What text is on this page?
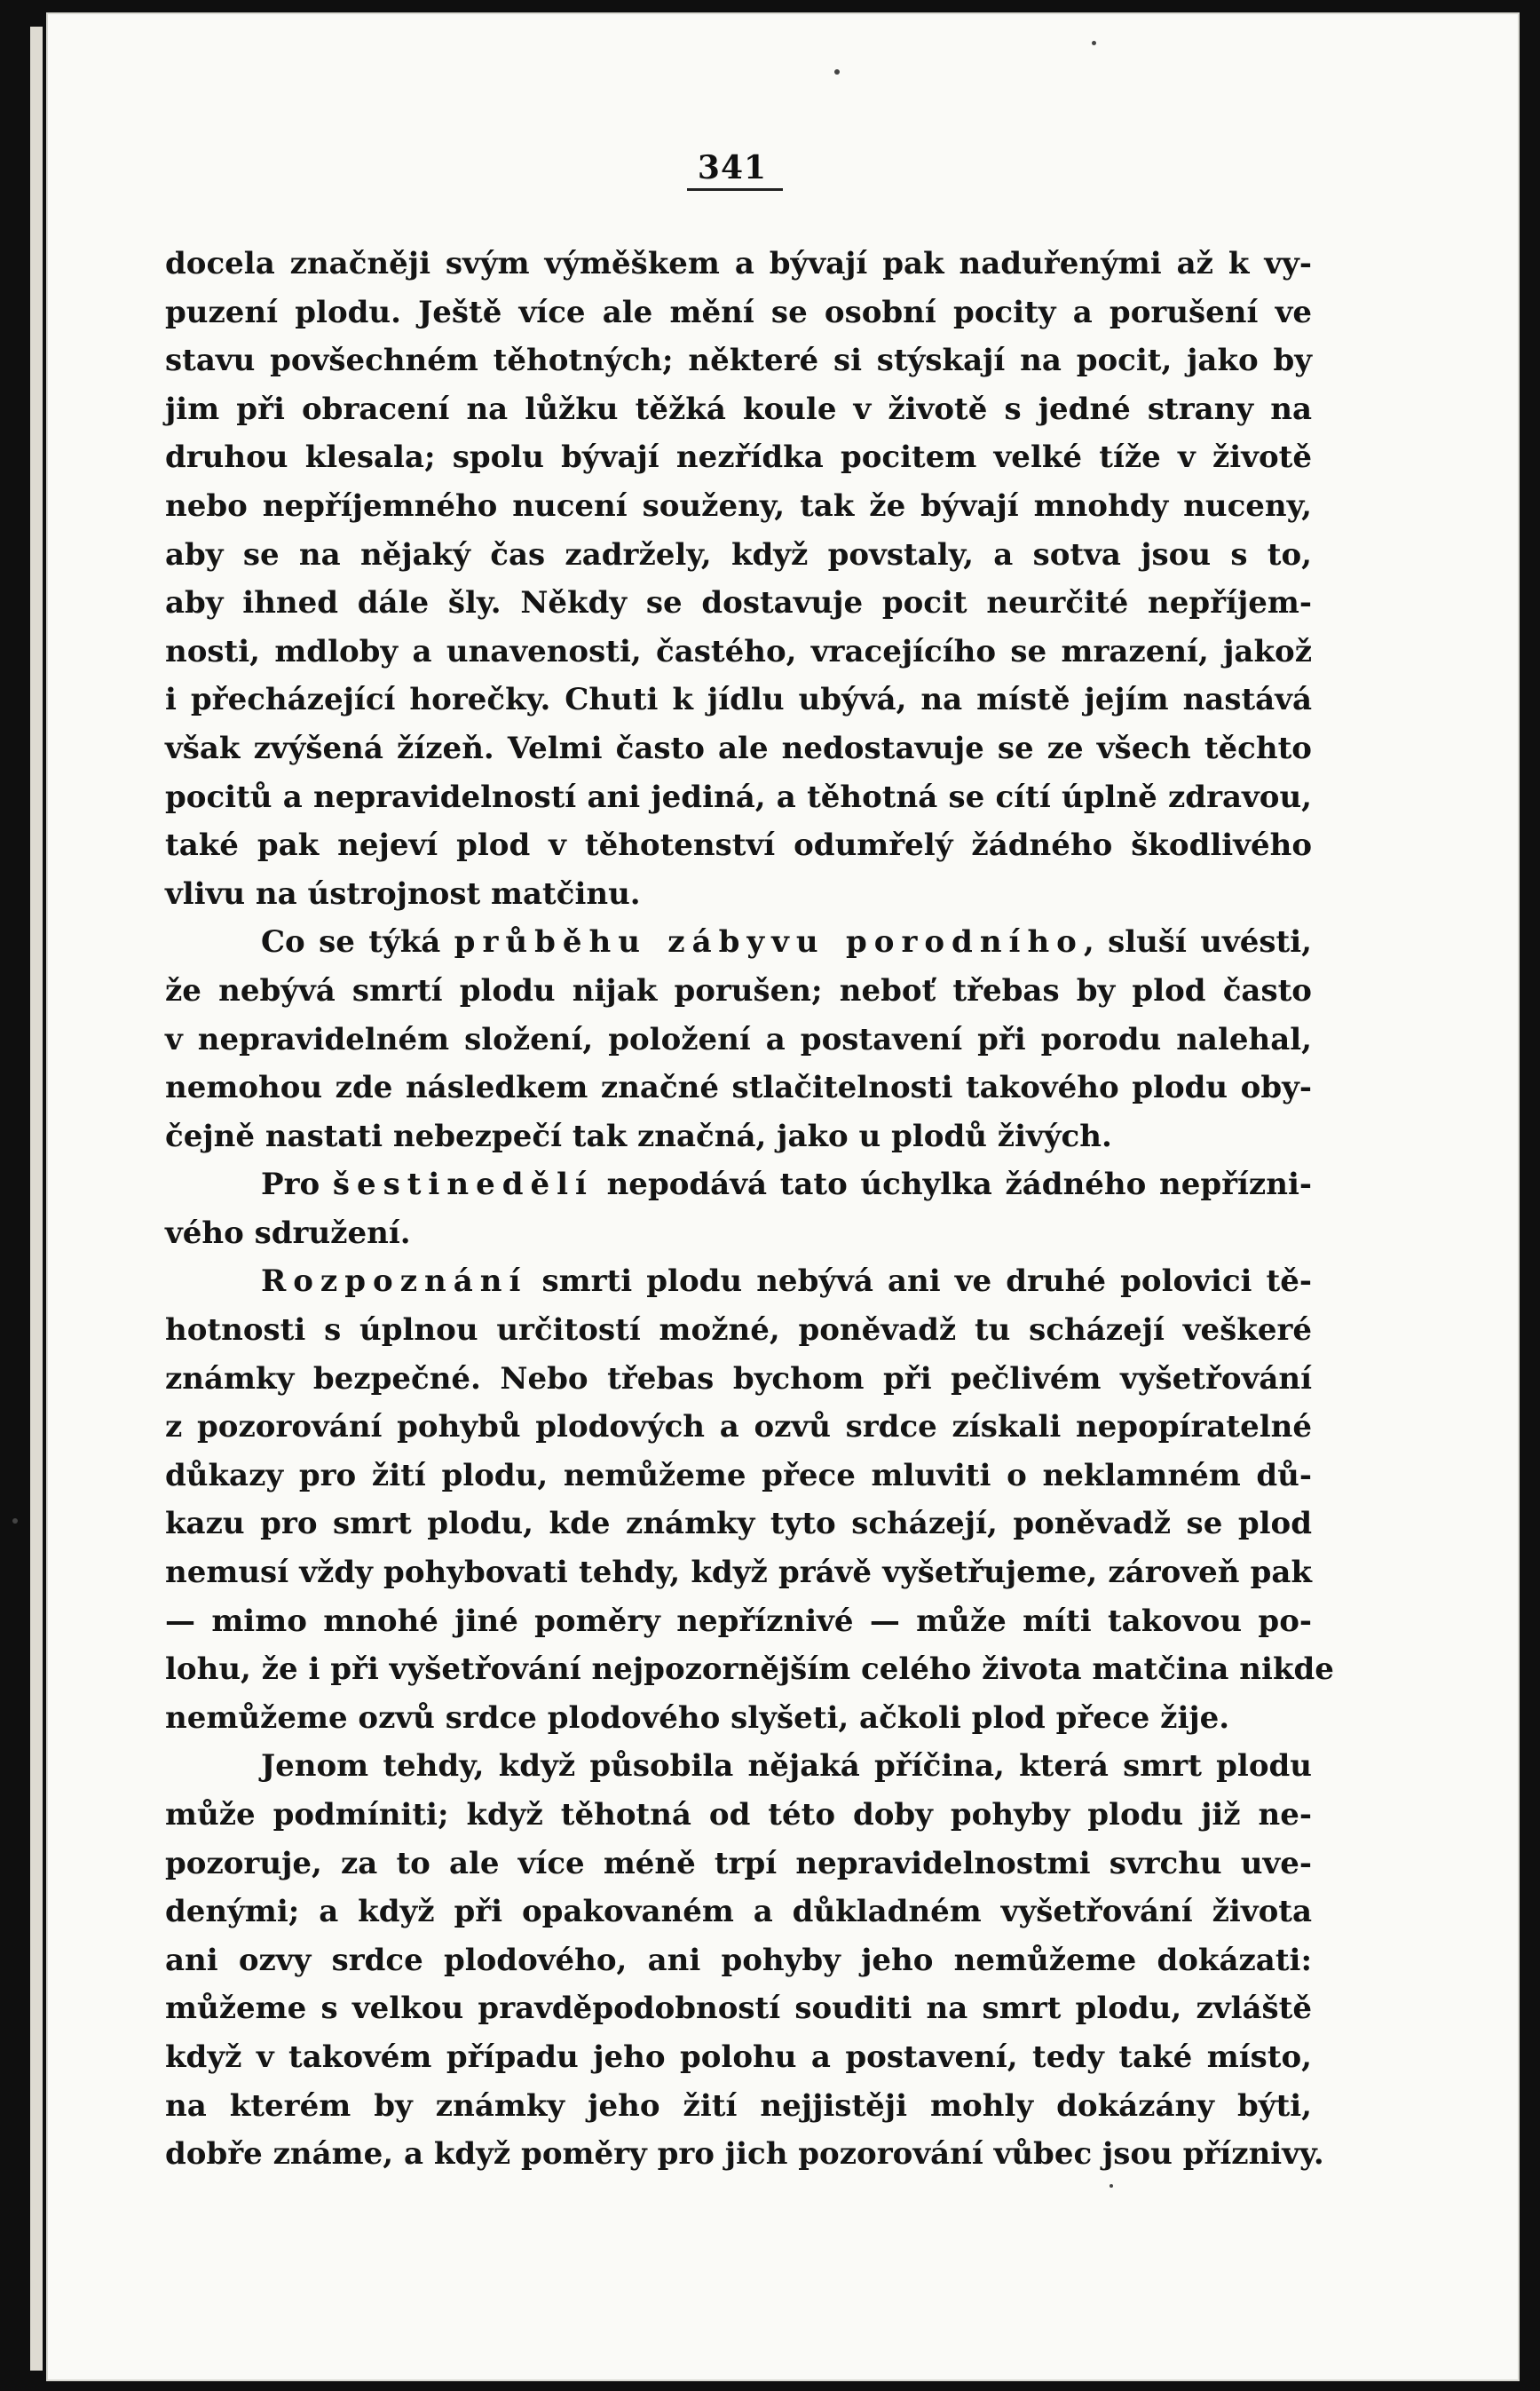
341
docela značněji svým výměškem a bývají pak naduřenými až k vy-
puzení plodu. Ještě více ale mění se osobní pocity a porušení ve
stavu povšechném těhotných; některé si stýskají na pocit, jako by
jim při obracení na lůžku těžká koule v životě s jedné strany na
druhou klesala; spolu bývají nezřídka pocitem velké tíže v životě
nebo nepříjemného nucení souženy, tak že bývají mnohdy nuceny,
aby se na nějaký čas zadržely, když povstaly, a sotva jsou s to,
aby ihned dále šly. Někdy se dostavuje pocit neurčité nepříjem-
nosti, mdloby a unavenosti, častého, vracejícího se mrazení, jakož
i přecházející horečky. Chuti k jídlu ubývá, na místě jejím nastává
však zvýšená žízeň. Velmi často ale nedostavuje se ze všech těchto
pocitů a nepravidelností ani jediná, a těhotná se cítí úplně zdravou,
také pak nejeví plod v těhotenství odumřelý žádného škodlivého
vlivu na ústrojnost matčinu.
Co se týká průběhu zábyvu porodního, sluší uvésti,
že nebývá smrtí plodu nijak porušen; neboť třebas by plod často
v nepravidelném složení, položení a postavení při porodu nalehal,
nemohou zde následkem značné stlačitelnosti takového plodu oby-
čejně nastati nebezpečí tak značná, jako u plodů živých.
Pro šestinedělí nepodává tato úchylka žádného nepřízni-
vého sdružení.
Rozpoznání smrti plodu nebývá ani ve druhé polovici tě-
hotnosti s úplnou určitostí možné, poněvadž tu scházejí veškeré
známky bezpečné. Nebo třebas bychom při pečlivém vyšetřování
z pozorování pohybů plodových a ozvů srdce získali nepopíratelné
důkazy pro žití plodu, nemůžeme přece mluviti o neklamném dů-
kazu pro smrt plodu, kde známky tyto scházejí, poněvadž se plod
nemusí vždy pohybovati tehdy, když právě vyšetřujeme, zároveň pak
— mimo mnohé jiné poměry nepříznivé — může míti takovou po-
lohu, že i při vyšetřování nejpozornějším celého života matčina nikde
nemůžeme ozvů srdce plodového slyšeti, ačkoli plod přece žije.
Jenom tehdy, když působila nějaká příčina, která smrt plodu
může podmíniti; když těhotná od této doby pohyby plodu již ne-
pozoruje, za to ale více méně trpí nepravidelnostmi svrchu uve-
denými; a když při opakovaném a důkladném vyšetřování života
ani ozvy srdce plodového, ani pohyby jeho nemůžeme dokázati:
můžeme s velkou pravděpodobností souditi na smrt plodu, zvláště
když v takovém případu jeho polohu a postavení, tedy také místo,
na kterém by známky jeho žití nejjistěji mohly dokázány býti,
dobře známe, a když poměry pro jich pozorování vůbec jsou příznivy.
